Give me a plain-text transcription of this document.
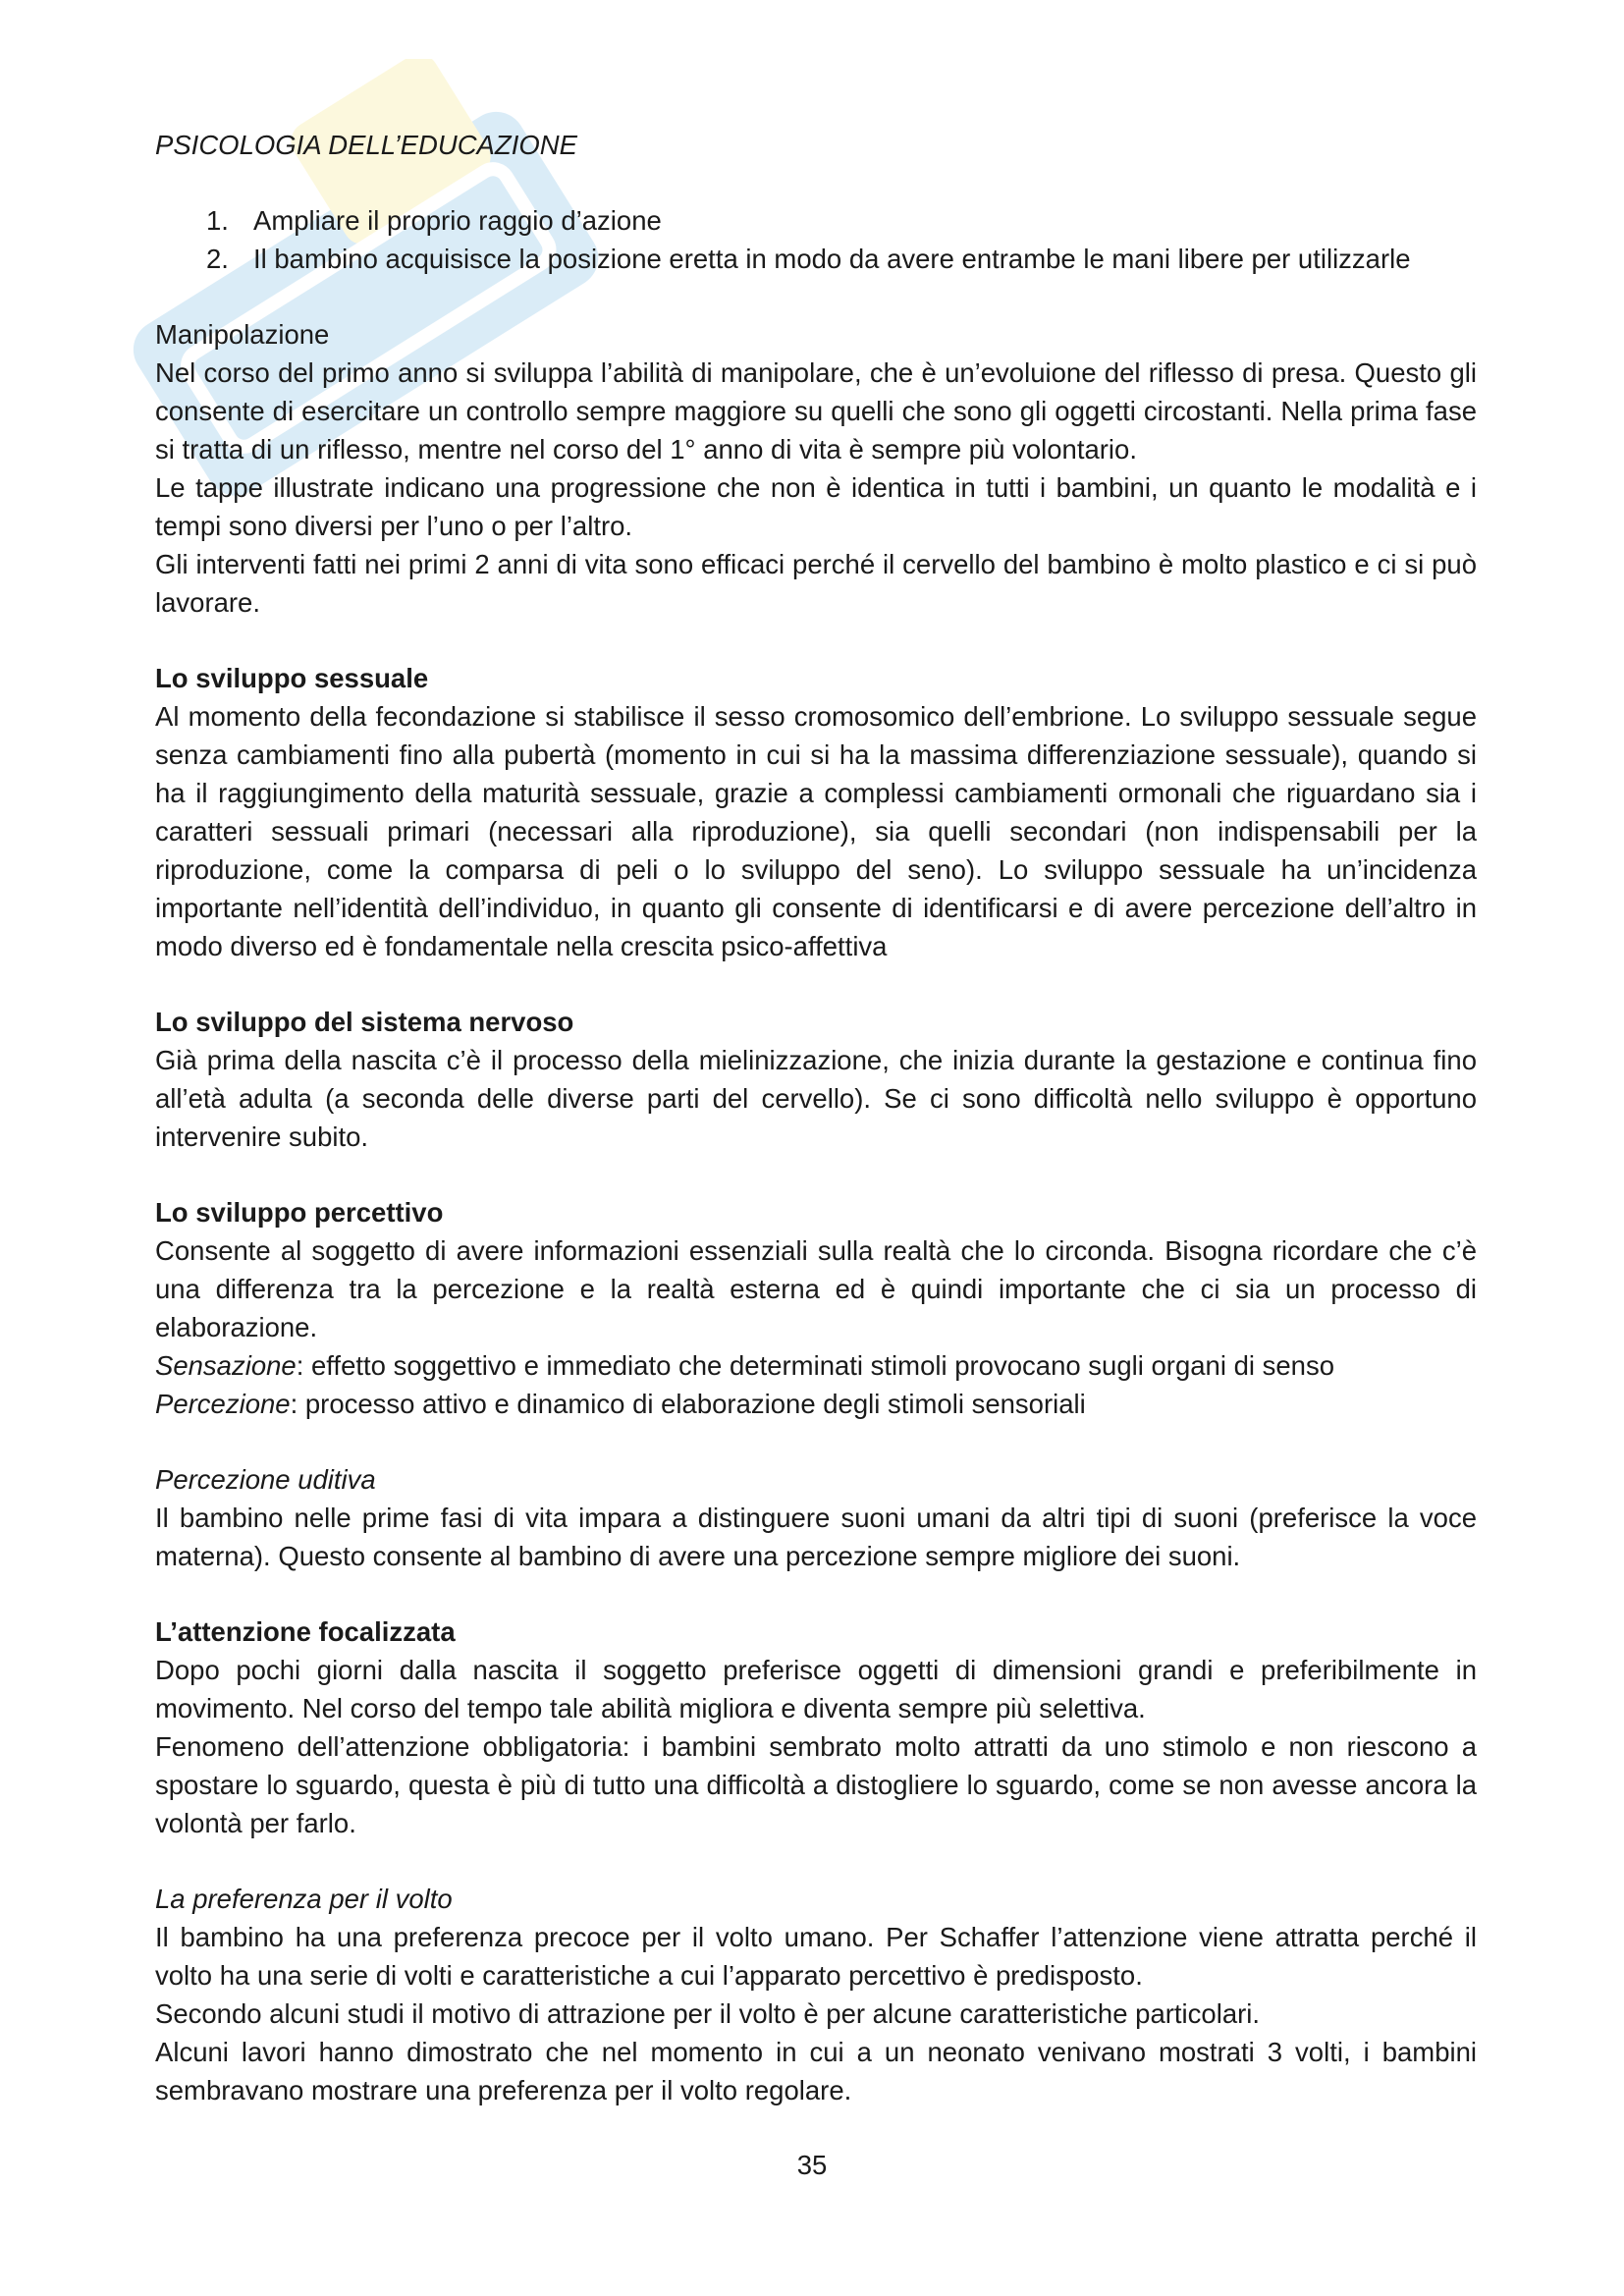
PSICOLOGIA DELL’EDUCAZIONE

1. Ampliare il proprio raggio d’azione
2. Il bambino acquisisce la posizione eretta in modo da avere entrambe le mani libere per utilizzarle

Manipolazione

Nel corso del primo anno si sviluppa l’abilità di manipolare, che è un’evoluione del riflesso di presa. Questo gli consente di esercitare un controllo sempre maggiore su quelli che sono gli oggetti circostanti. Nella prima fase si tratta di un riflesso, mentre nel corso del 1° anno di vita è sempre più volontario.

Le tappe illustrate indicano una progressione che non è identica in tutti i bambini, un quanto le modalità e i tempi sono diversi per l’uno o per l’altro.

Gli interventi fatti nei primi 2 anni di vita sono efficaci perché il cervello del bambino è molto plastico e ci si può lavorare.

Lo sviluppo sessuale

Al momento della fecondazione si stabilisce il sesso cromosomico dell’embrione. Lo sviluppo sessuale segue senza cambiamenti fino alla pubertà (momento in cui si ha la massima differenziazione sessuale), quando si ha il raggiungimento della maturità sessuale, grazie a complessi cambiamenti ormonali che riguardano sia i caratteri sessuali primari (necessari alla riproduzione), sia quelli secondari (non indispensabili per la riproduzione, come la comparsa di peli o lo sviluppo del seno). Lo sviluppo sessuale ha un’incidenza importante nell’identità dell’individuo, in quanto gli consente di identificarsi e di avere percezione dell’altro in modo diverso ed è fondamentale nella crescita psico-affettiva

Lo sviluppo del sistema nervoso

Già prima della nascita c’è il processo della mielinizzazione, che inizia durante la gestazione e continua fino all’età adulta (a seconda delle diverse parti del cervello). Se ci sono difficoltà nello sviluppo è opportuno intervenire subito.

Lo sviluppo percettivo

Consente al soggetto di avere informazioni essenziali sulla realtà che lo circonda. Bisogna ricordare che c’è una differenza tra la percezione e la realtà esterna ed è quindi importante che ci sia un processo di elaborazione.

Sensazione: effetto soggettivo e immediato che determinati stimoli provocano sugli organi di senso

Percezione: processo attivo e dinamico di elaborazione degli stimoli sensoriali

Percezione uditiva

Il bambino nelle prime fasi di vita impara a distinguere suoni umani da altri tipi di suoni (preferisce la voce materna). Questo consente al bambino di avere una percezione sempre migliore dei suoni.

L’attenzione focalizzata

Dopo pochi giorni dalla nascita il soggetto preferisce oggetti di dimensioni grandi e preferibilmente in movimento. Nel corso del tempo tale abilità migliora e diventa sempre più selettiva.

Fenomeno dell’attenzione obbligatoria: i bambini sembrato molto attratti da uno stimolo e non riescono a spostare lo sguardo, questa è più di tutto una difficoltà a distogliere lo sguardo, come se non avesse ancora la volontà per farlo.

La preferenza per il volto

Il bambino ha una preferenza precoce per il volto umano. Per Schaffer l’attenzione viene attratta perché il volto ha una serie di volti e caratteristiche a cui l’apparato percettivo è predisposto.

Secondo alcuni studi il motivo di attrazione per il volto è per alcune caratteristiche particolari.

Alcuni lavori hanno dimostrato che nel momento in cui a un neonato venivano mostrati 3 volti, i bambini sembravano mostrare una preferenza per il volto regolare.

35
